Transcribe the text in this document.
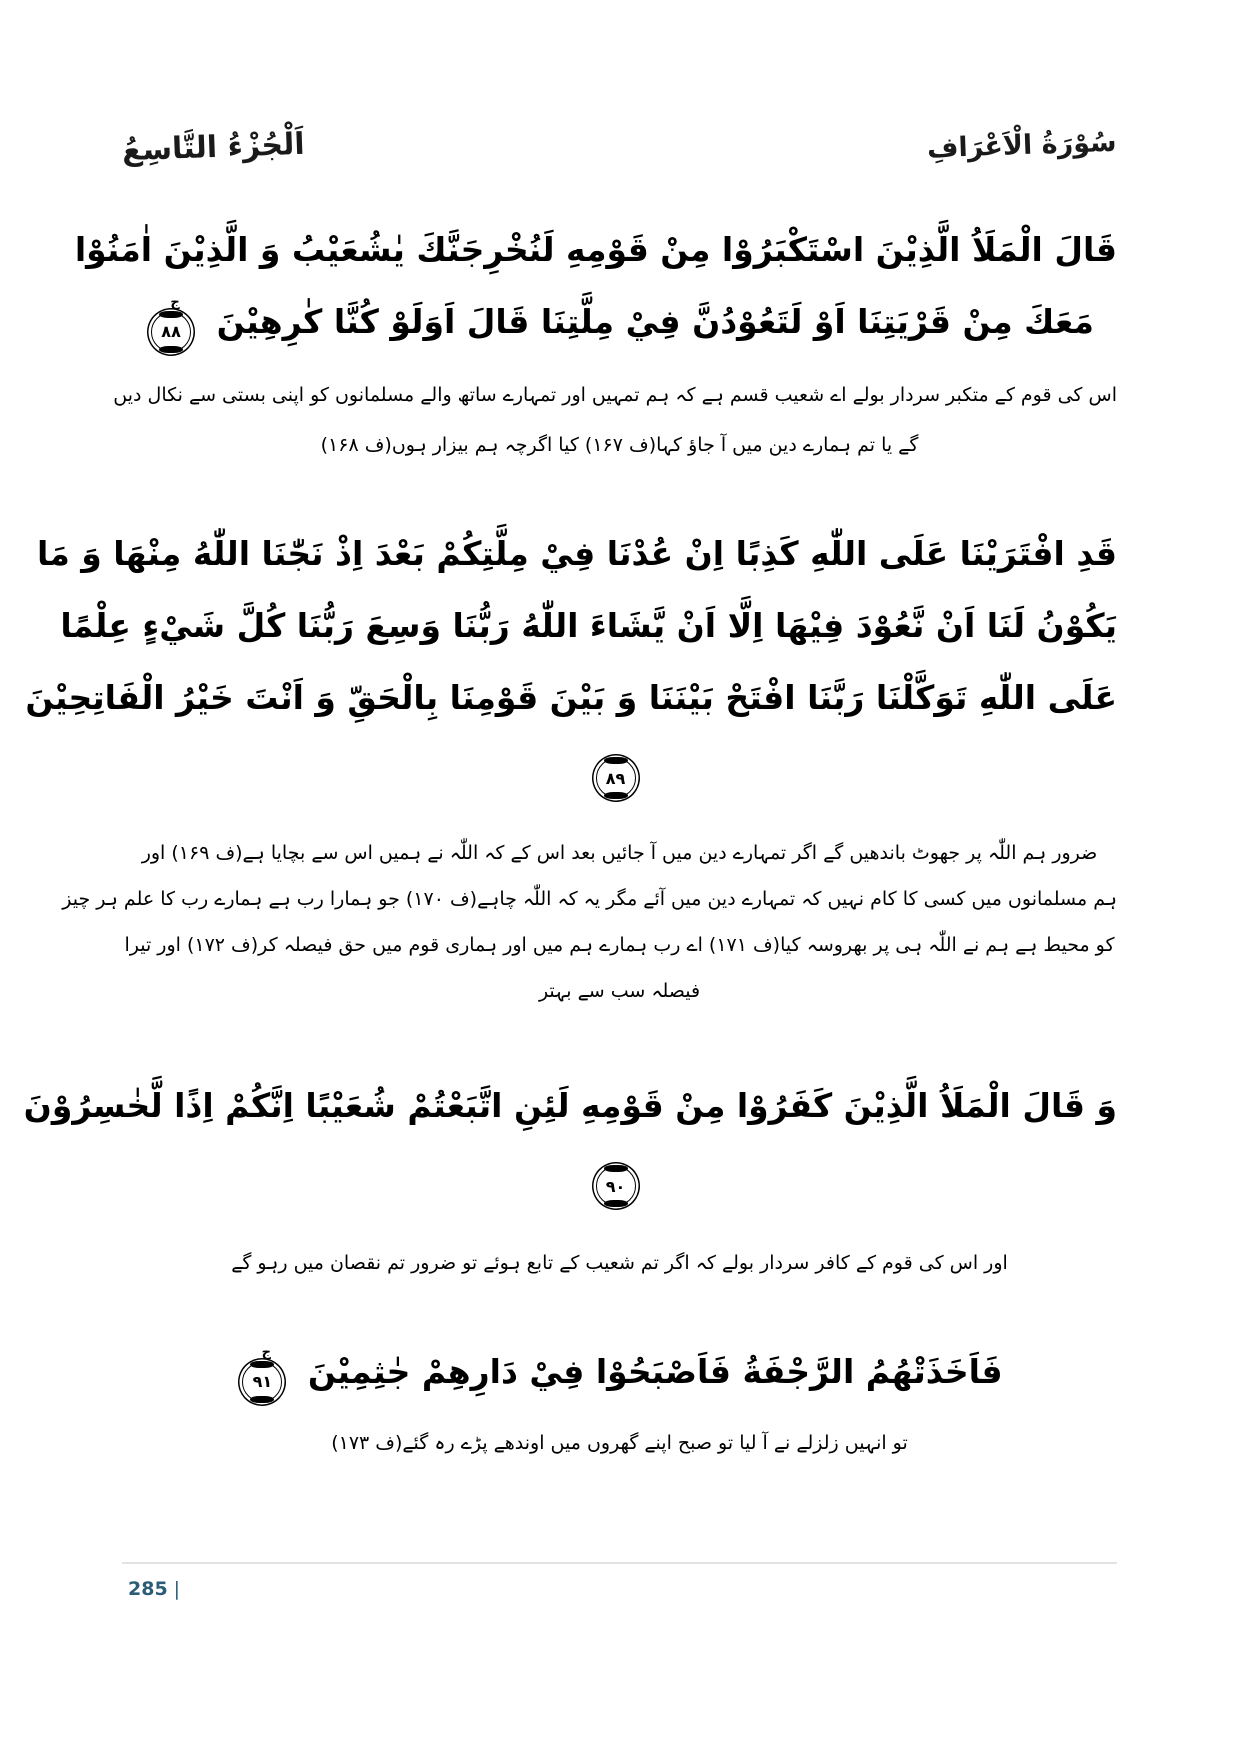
اَلْجُزْءُ التَّاسِعُ	سُوْرَةُ الْاَعْرَافِ
قَالَ الْمَلَاُ الَّذِيْنَ اسْتَكْبَرُوْا مِنْ قَوْمِهِ لَنُخْرِجَنَّكَ يٰشُعَيْبُ وَ الَّذِيْنَ اٰمَنُوْا
مَعَكَ مِنْ قَرْيَتِنَا اَوْ لَتَعُوْدُنَّ فِيْ مِلَّتِنَا قَالَ اَوَلَوْ كُنَّا كٰرِهِيْنَ
ج
۸۸
اس کی قوم کے متکبر سردار بولے اے شعیب قسم ہے کہ ہم تمہیں اور تمہارے ساتھ والے مسلمانوں کو اپنی بستی سے نکال دیں
گے یا تم ہمارے دین میں آ جاؤ کہا(ف ۱۶۷) کیا اگرچہ ہم بیزار ہوں(ف ۱۶۸)
قَدِ افْتَرَيْنَا عَلَى اللّٰهِ كَذِبًا اِنْ عُدْنَا فِيْ مِلَّتِكُمْ بَعْدَ اِذْ نَجّٰنَا اللّٰهُ مِنْهَا وَ مَا
يَكُوْنُ لَنَا اَنْ نَّعُوْدَ فِيْهَا اِلَّا اَنْ يَّشَاءَ اللّٰهُ رَبُّنَا وَسِعَ رَبُّنَا كُلَّ شَيْءٍ عِلْمًا
عَلَى اللّٰهِ تَوَكَّلْنَا رَبَّنَا افْتَحْ بَيْنَنَا وَ بَيْنَ قَوْمِنَا بِالْحَقِّ وَ اَنْتَ خَيْرُ الْفَاتِحِيْنَ
۸۹
ضرور ہم اللّٰہ پر جھوٹ باندھیں گے اگر تمہارے دین میں آ جائیں بعد اس کے کہ اللّٰہ نے ہمیں اس سے بچایا ہے(ف ۱۶۹) اور
ہم مسلمانوں میں کسی کا کام نہیں کہ تمہارے دین میں آئے مگر یہ کہ اللّٰہ چاہے(ف ۱۷۰) جو ہمارا رب ہے ہمارے رب کا علم ہر چیز
کو محیط ہے ہم نے اللّٰہ ہی پر بھروسہ کیا(ف ۱۷۱) اے رب ہمارے ہم میں اور ہماری قوم میں حق فیصلہ کر(ف ۱۷۲) اور تیرا
فیصلہ سب سے بہتر
وَ قَالَ الْمَلَاُ الَّذِيْنَ كَفَرُوْا مِنْ قَوْمِهِ لَئِنِ اتَّبَعْتُمْ شُعَيْبًا اِنَّكُمْ اِذًا لَّخٰسِرُوْنَ
۹۰
اور اس کی قوم کے کافر سردار بولے کہ اگر تم شعیب کے تابع ہوئے تو ضرور تم نقصان میں رہو گے
فَاَخَذَتْهُمُ الرَّجْفَةُ فَاَصْبَحُوْا فِيْ دَارِهِمْ جٰثِمِيْنَ
ج
۹۱
تو انہیں زلزلے نے آ لیا تو صبح اپنے گھروں میں اوندھے پڑے رہ گئے(ف ۱۷۳)
285 |
